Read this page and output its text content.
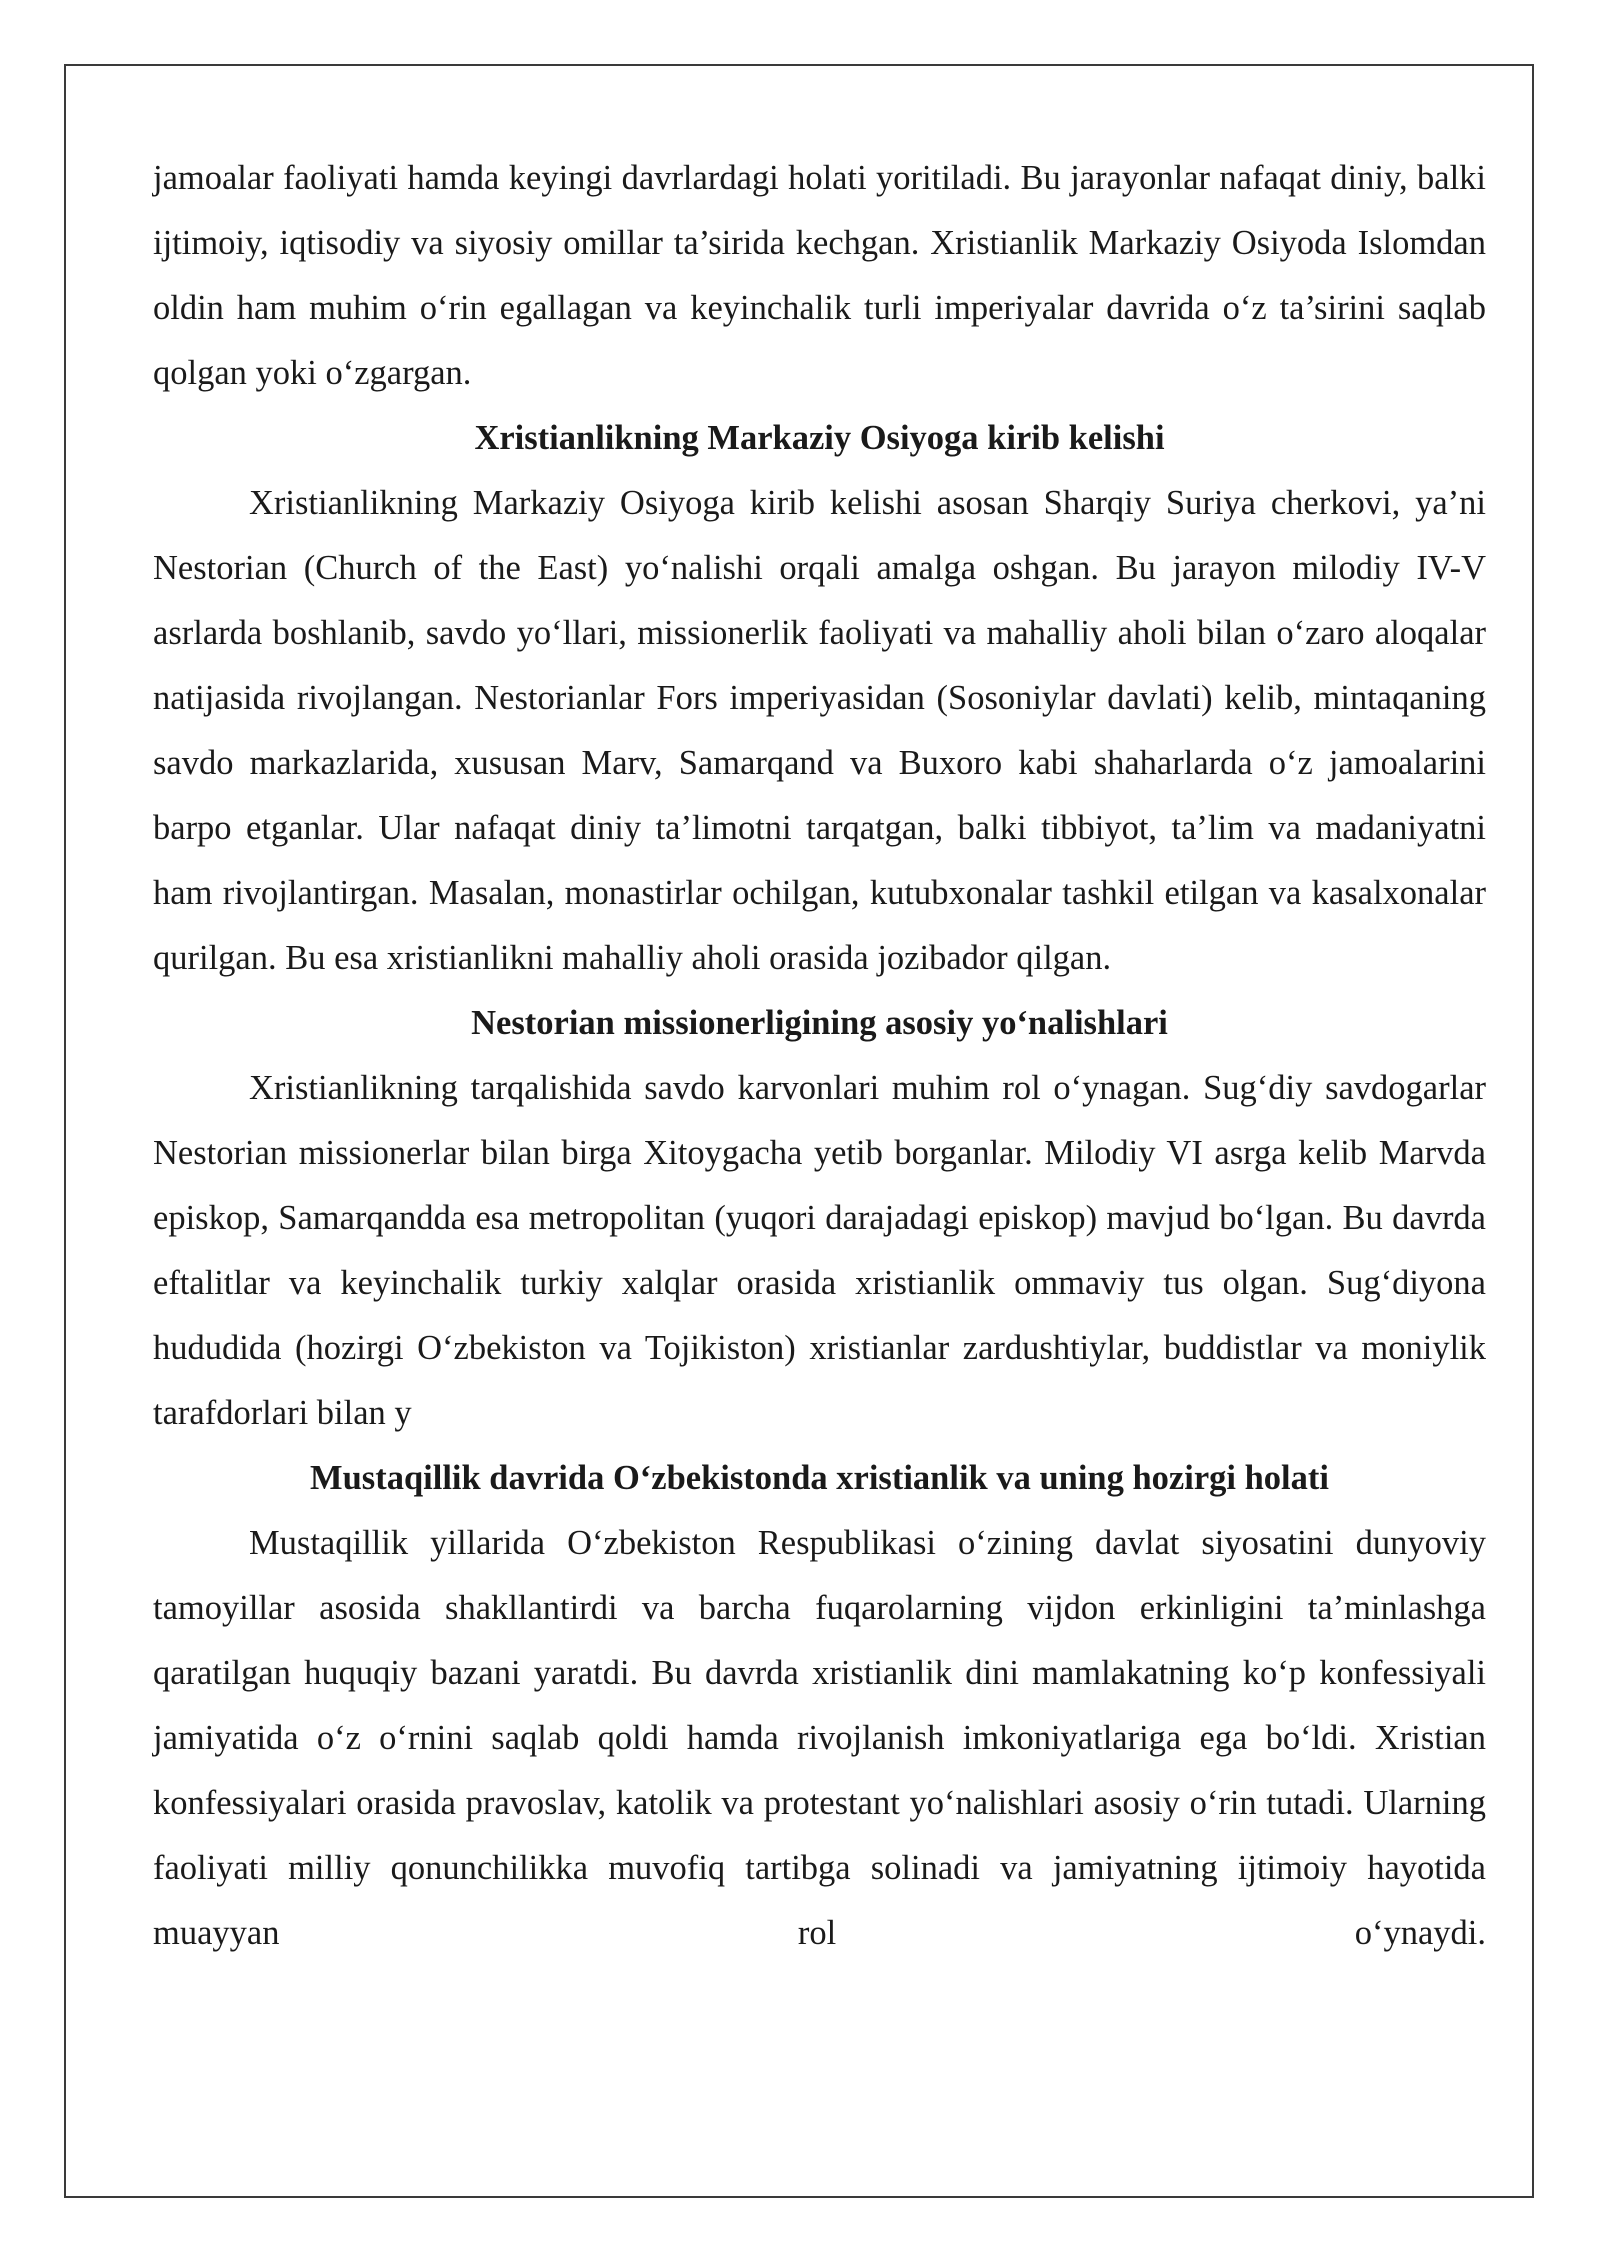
jamoalar faoliyati hamda keyingi davrlardagi holati yoritiladi. Bu jarayonlar nafaqat diniy, balki ijtimoiy, iqtisodiy va siyosiy omillar ta’sirida kechgan. Xristianlik Markaziy Osiyoda Islomdan oldin ham muhim o‘rin egallagan va keyinchalik turli imperiyalar davrida o‘z ta’sirini saqlab qolgan yoki o‘zgargan.

Xristianlikning Markaziy Osiyoga kirib kelishi

Xristianlikning Markaziy Osiyoga kirib kelishi asosan Sharqiy Suriya cherkovi, ya’ni Nestorian (Church of the East) yo‘nalishi orqali amalga oshgan. Bu jarayon milodiy IV-V asrlarda boshlanib, savdo yo‘llari, missionerlik faoliyati va mahalliy aholi bilan o‘zaro aloqalar natijasida rivojlangan. Nestorianlar Fors imperiyasidan (Sosoniylar davlati) kelib, mintaqaning savdo markazlarida, xususan Marv, Samarqand va Buxoro kabi shaharlarda o‘z jamoalarini barpo etganlar. Ular nafaqat diniy ta’limotni tarqatgan, balki tibbiyot, ta’lim va madaniyatni ham rivojlantirgan. Masalan, monastirlar ochilgan, kutubxonalar tashkil etilgan va kasalxonalar qurilgan. Bu esa xristianlikni mahalliy aholi orasida jozibador qilgan.

Nestorian missionerligining asosiy yo‘nalishlari

Xristianlikning tarqalishida savdo karvonlari muhim rol o‘ynagan. Sug‘diy savdogarlar Nestorian missionerlar bilan birga Xitoygacha yetib borganlar. Milodiy VI asrga kelib Marvda episkop, Samarqandda esa metropolitan (yuqori darajadagi episkop) mavjud bo‘lgan. Bu davrda eftalitlar va keyinchalik turkiy xalqlar orasida xristianlik ommaviy tus olgan. Sug‘diyona hududida (hozirgi O‘zbekiston va Tojikiston) xristianlar zardushtiylar, buddistlar va moniylik tarafdorlari bilan y

Mustaqillik davrida O‘zbekistonda xristianlik va uning hozirgi holati

Mustaqillik yillarida O‘zbekiston Respublikasi o‘zining davlat siyosatini dunyoviy tamoyillar asosida shakllantirdi va barcha fuqarolarning vijdon erkinligini ta’minlashga qaratilgan huquqiy bazani yaratdi. Bu davrda xristianlik dini mamlakatning ko‘p konfessiyali jamiyatida o‘z o‘rnini saqlab qoldi hamda rivojlanish imkoniyatlariga ega bo‘ldi. Xristian konfessiyalari orasida pravoslav, katolik va protestant yo‘nalishlari asosiy o‘rin tutadi. Ularning faoliyati milliy qonunchilikka muvofiq tartibga solinadi va jamiyatning ijtimoiy hayotida muayyan rol o‘ynaydi.
